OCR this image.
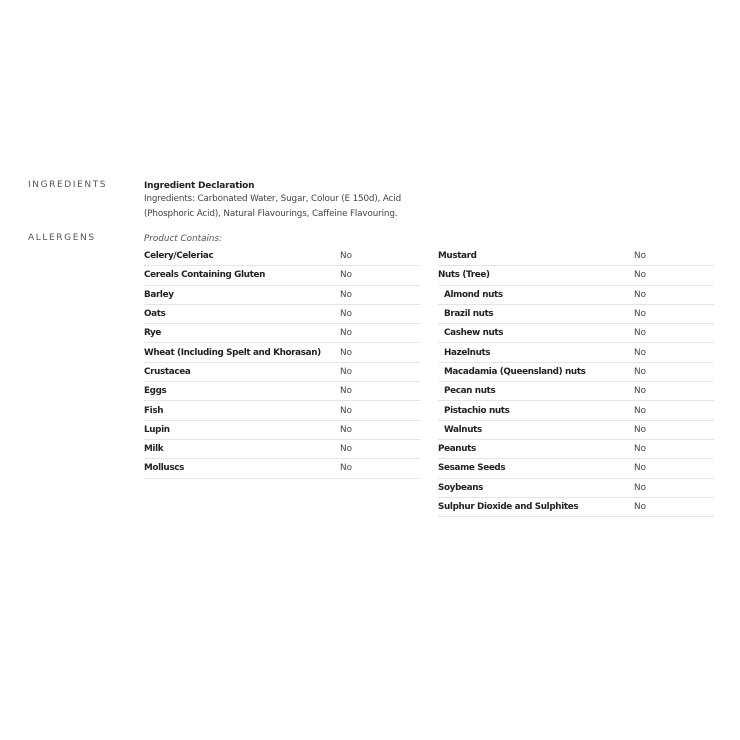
INGREDIENTS
ALLERGENS
Ingredient Declaration
Ingredients: Carbonated Water, Sugar, Colour (E 150d), Acid (Phosphoric Acid), Natural Flavourings, Caffeine Flavouring.
Product Contains:
Celery/Celeriac	No
Cereals Containing Gluten	No
Barley	No
Oats	No
Rye	No
Wheat (Including Spelt and Khorasan) No
Crustacea	No
Eggs	No
Fish	No
Lupin	No
Milk	No
Molluscs	No
Mustard	No
Nuts (Tree)	No
Almond nuts	No
Brazil nuts	No
Cashew nuts	No
Hazelnuts	No
Macadamia (Queensland) nuts	No
Pecan nuts	No
Pistachio nuts	No
Walnuts	No
Peanuts	No
Sesame Seeds	No
Soybeans	No
Sulphur Dioxide and Sulphites	No
